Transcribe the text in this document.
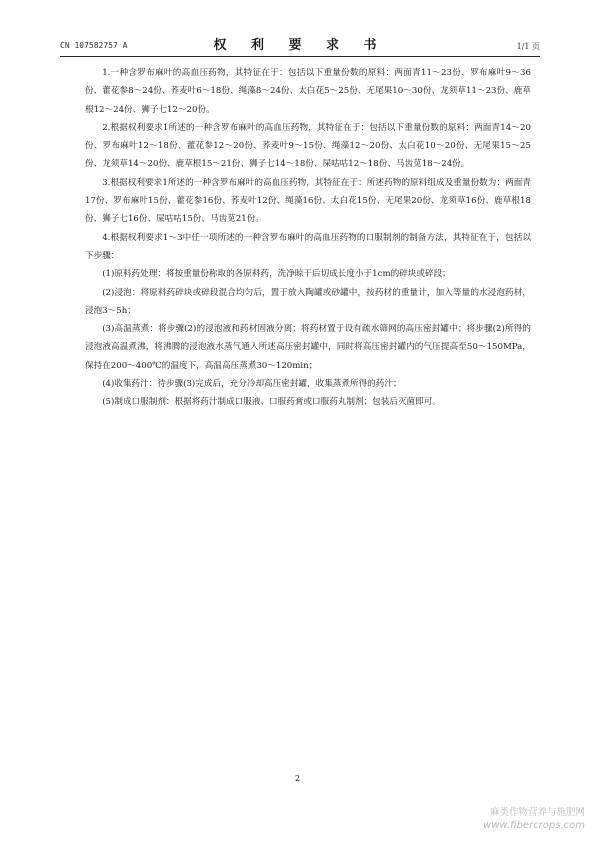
CN 107582757 A	权 利 要 求 书	1/1 页

1.一种含罗布麻叶的高血压药物，其特征在于：包括以下重量份数的原料：两面青11～23份、罗布麻叶9～36份、藿花参8～24份、荞麦叶6～18份、绳藻8～24份、太白花5～25份、无尾果10～30份、龙须草11～23份、鹿草根12～24份、狮子七12～20份。

2.根据权利要求1所述的一种含罗布麻叶的高血压药物，其特征在于：包括以下重量份数的原料：两面青14～20份、罗布麻叶12～18份、藿花参12～20份、荞麦叶9～15份、绳藻12～20份、太白花10～20份、无尾果15～25份、龙须草14～20份、鹿草根15～21份、狮子七14～18份、屎咕咕12～18份、马齿苋18～24份。

3.根据权利要求1所述的一种含罗布麻叶的高血压药物，其特征在于：所述药物的原料组成及重量份数为：两面青17份、罗布麻叶15份、藿花参16份、荞麦叶12份、绳藻16份、太白花15份、无尾果20份、龙须草16份、鹿草根18份、狮子七16份、屎咕咕15份、马齿苋21份。

4.根据权利要求1～3中任一项所述的一种含罗布麻叶的高血压药物的口服制剂的制备方法，其特征在于，包括以下步骤：

(1)原料药处理：将按重量份称取的各原料药，洗净晾干后切成长度小于1cm的碎块或碎段；

(2)浸泡：将原料药碎块或碎段混合均匀后，置于放入陶罐或砂罐中，按药材的重量计，加入等量的水浸泡药材，浸泡3～5h；

(3)高温蒸煮：将步骤(2)的浸泡液和药材固液分离；将药材置于设有疏水筛网的高压密封罐中；将步骤(2)所得的浸泡液高温煮沸，将沸腾的浸泡液水蒸气通入所述高压密封罐中，同时将高压密封罐内的气压提高至50～150MPa，保持在200～400℃的温度下，高温高压蒸煮30～120min；

(4)收集药汁：待步骤(3)完成后，充分冷却高压密封罐，收集蒸煮所得的药汁；

(5)制成口服制剂：根据将药汁制成口服液、口服药膏或口服药丸制剂；包装后灭菌即可。

2
麻类作物营养与施肥网
www.fibercrops.com
